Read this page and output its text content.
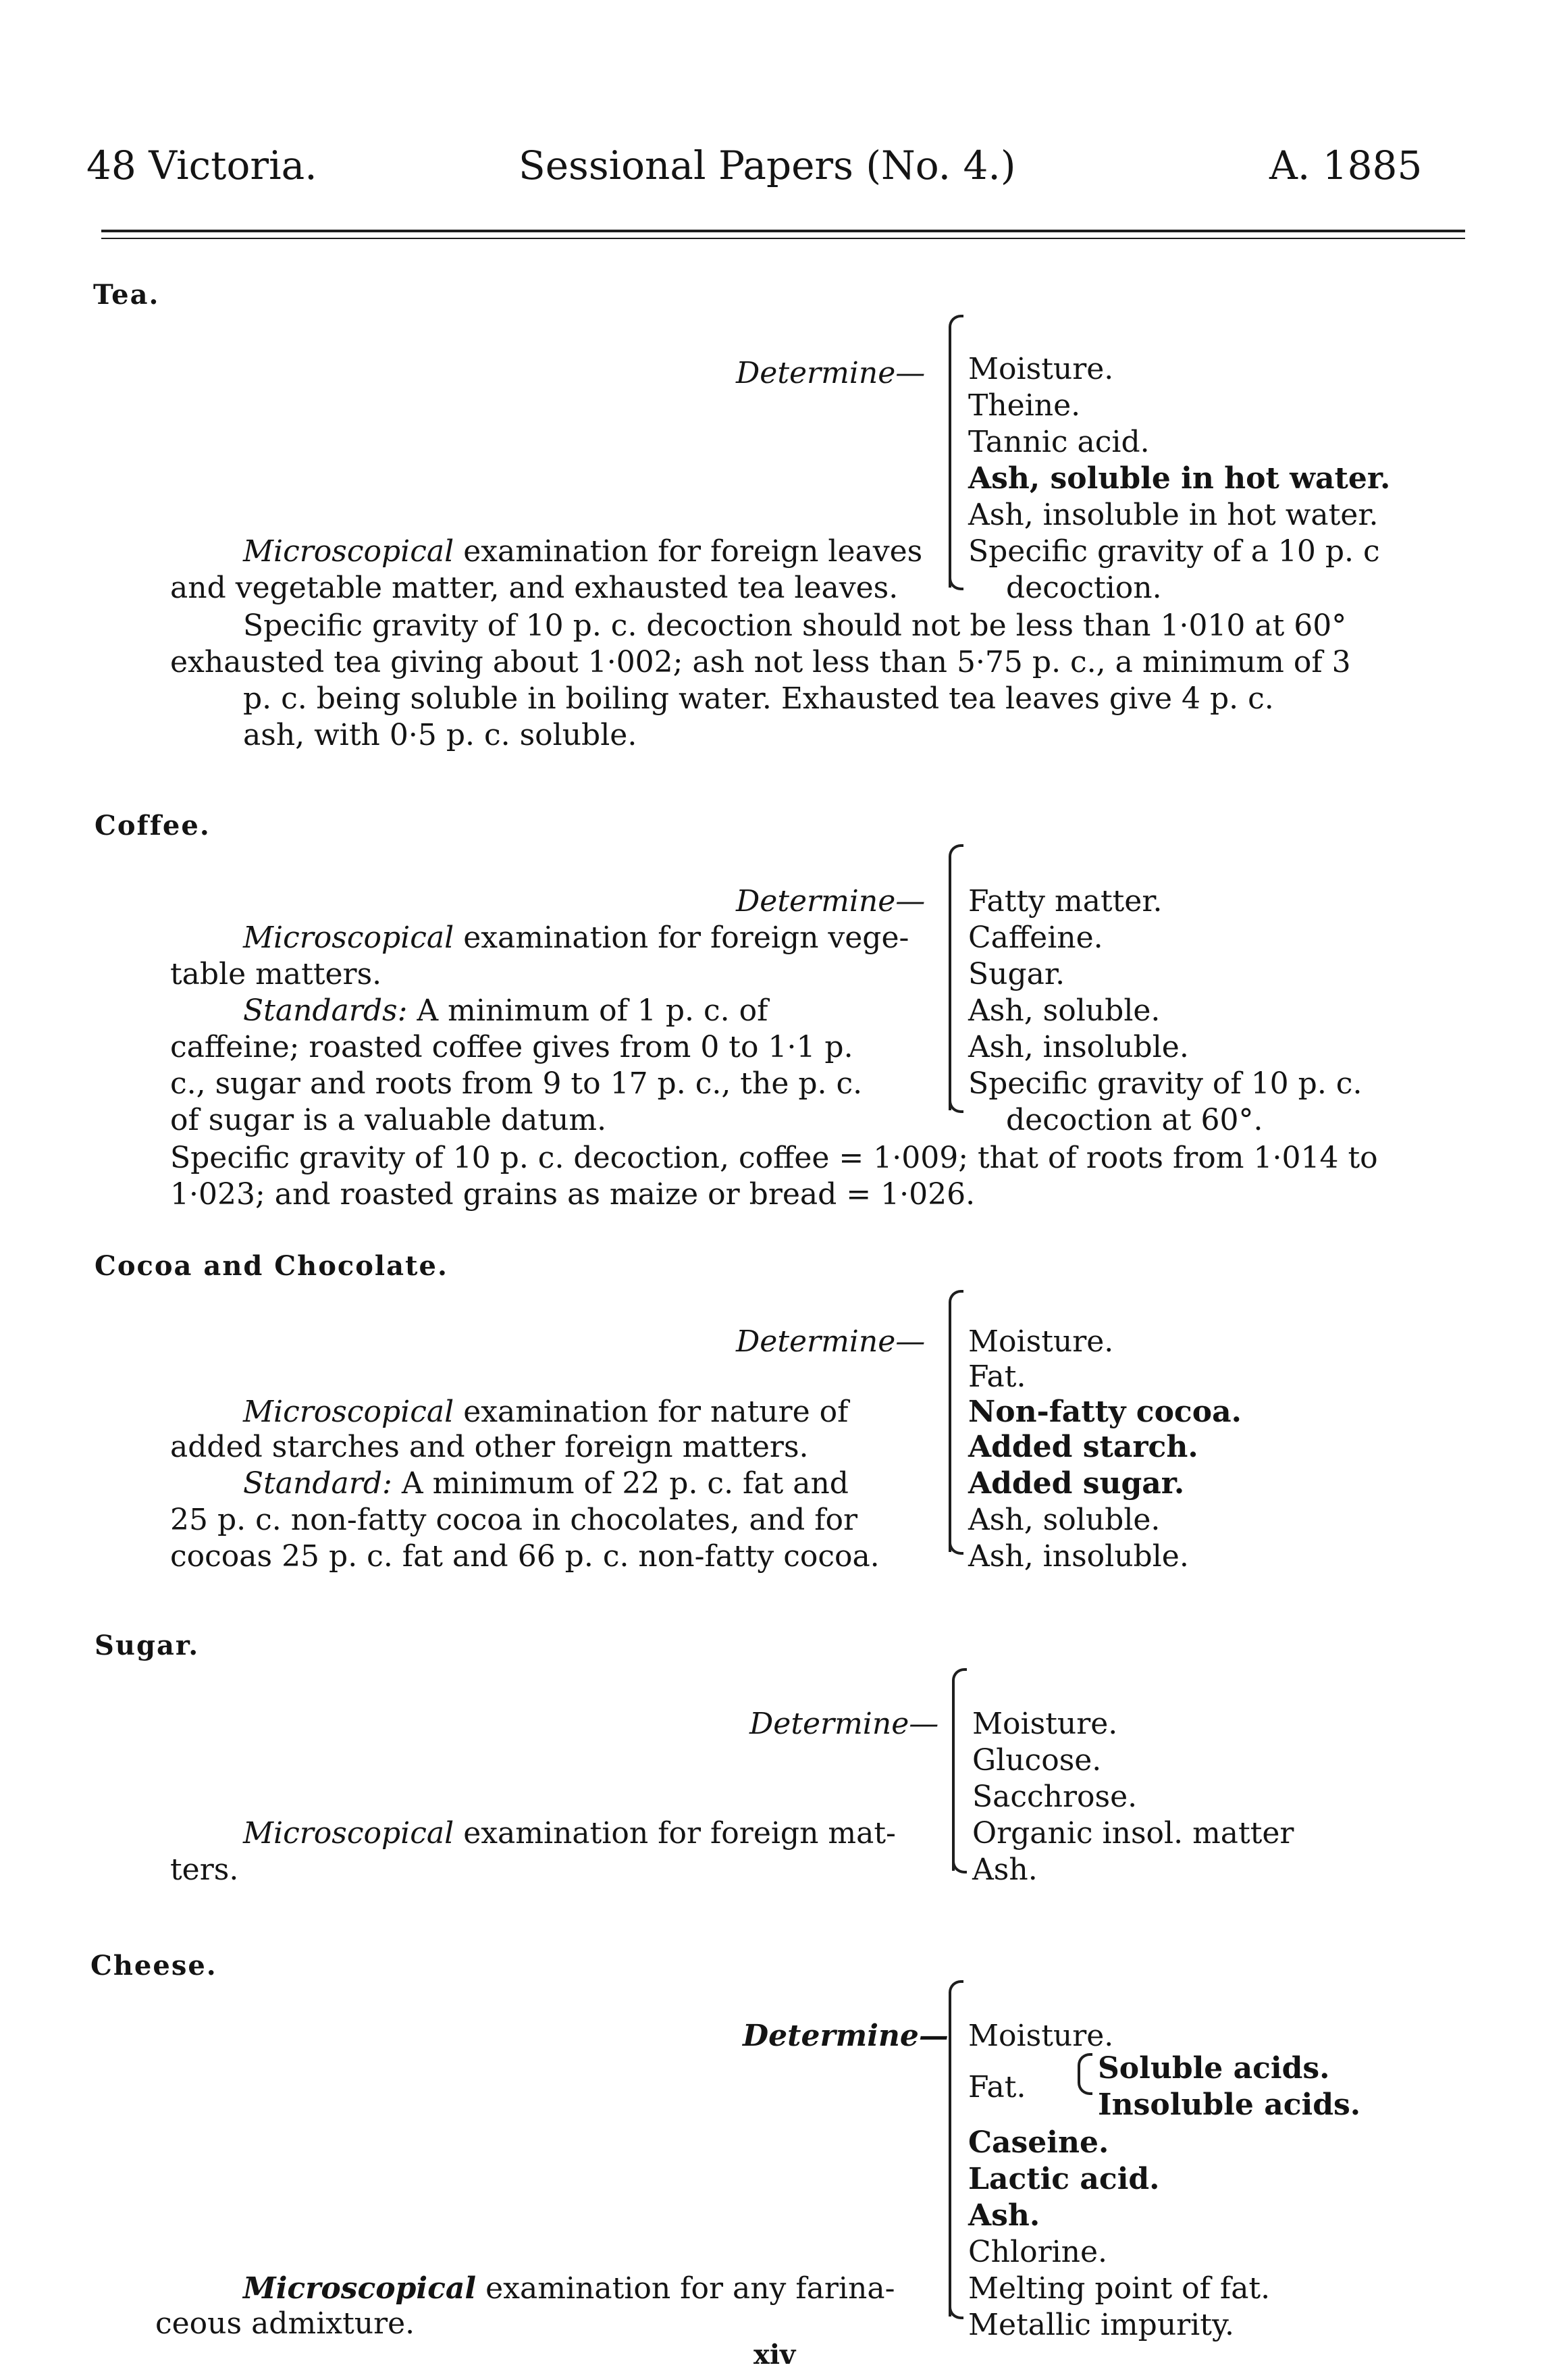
48 Victoria.	Sessional Papers (No. 4.)	A. 1885
Tea.
Determine— Moisture.
Theine.
Tannic acid.
Ash, soluble in hot water.
Ash, insoluble in hot water.
Specific gravity of a 10 p. c
decoction.
Microscopical examination for foreign leaves
and vegetable matter, and exhausted tea leaves.
Specific gravity of 10 p. c. decoction should not be less than 1·010 at 60°
exhausted tea giving about 1·002; ash not less than 5·75 p. c., a minimum of 3
p. c. being soluble in boiling water. Exhausted tea leaves give 4 p. c.
ash, with 0·5 p. c. soluble.
Coffee.
Determine— Fatty matter.
Caffeine.
Sugar.
Ash, soluble.
Ash, insoluble.
Specific gravity of 10 p. c.
decoction at 60°.
Microscopical examination for foreign vege-
table matters.
Standards: A minimum of 1 p. c. of
caffeine; roasted coffee gives from 0 to 1·1 p.
c., sugar and roots from 9 to 17 p. c., the p. c.
of sugar is a valuable datum.
Specific gravity of 10 p. c. decoction, coffee = 1·009; that of roots from 1·014 to
1·023; and roasted grains as maize or bread = 1·026.
Cocoa and Chocolate.
Determine— Moisture.
Fat.
Non-fatty cocoa.
Added starch.
Added sugar.
Ash, soluble.
Ash, insoluble.
Microscopical examination for nature of
added starches and other foreign matters.
Standard: A minimum of 22 p. c. fat and
25 p. c. non-fatty cocoa in chocolates, and for
cocoas 25 p. c. fat and 66 p. c. non-fatty cocoa.
Sugar.
Determine— Moisture.
Glucose.
Sacchrose.
Organic insol. matter
Ash.
Microscopical examination for foreign mat-
ters.
Cheese.
Determine— Moisture.
Fat.
Soluble acids.
Insoluble acids.
Caseine.
Lactic acid.
Ash.
Chlorine.
Melting point of fat.
Metallic impurity.
Microscopical examination for any farina-
ceous admixture.
xiv
